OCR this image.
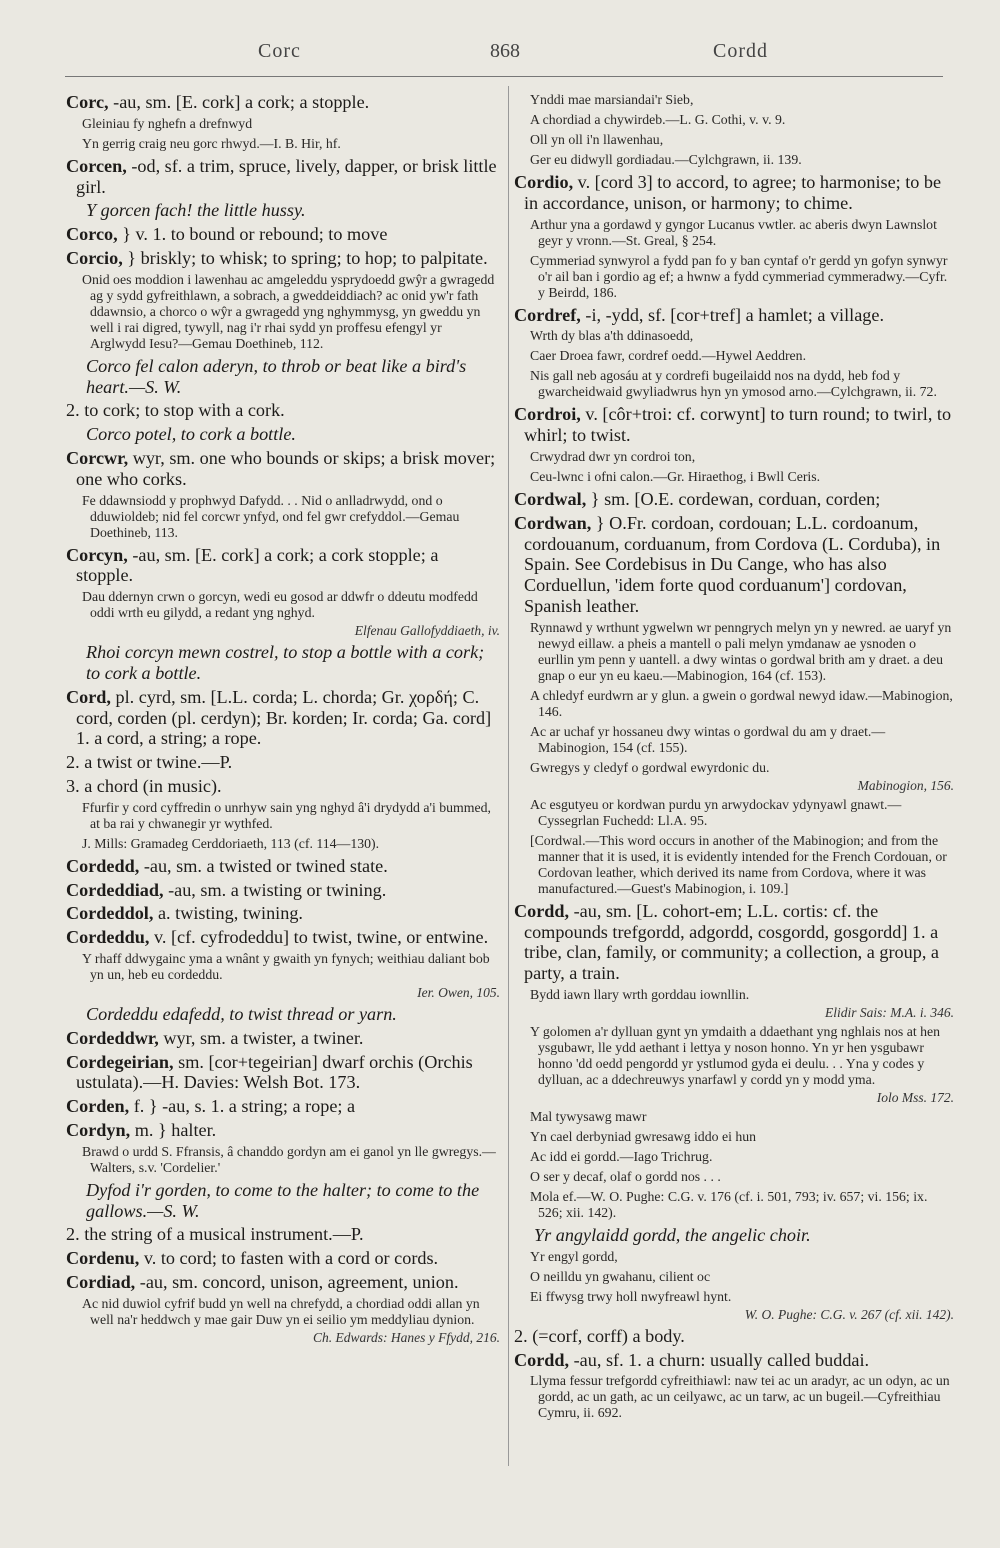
Corc	868	Cordd
Corc, -au, sm. [E. cork] a cork; a stopple.
Gleiniau fy nghefn a drefnwyd
Yn gerrig craig neu gorc rhwyd.—I. B. Hir, hf.
Corcen, -od, sf. a trim, spruce, lively, dapper, or brisk little girl.
Y gorcen fach! the little hussy.
Corco, } v. 1. to bound or rebound; to move
Corcio, } briskly; to whisk; to spring; to hop; to palpitate.
Onid oes moddion i lawenhau ac amgeleddu ysprydoedd gwŷr a gwragedd ag y sydd gyfreithlawn, a sobrach, a gweddeiddiach? ac onid yw'r fath ddawnsio, a chorco o wŷr a gwragedd yng nghymmysg, yn gweddu yn well i rai digred, tywyll, nag i'r rhai sydd yn proffesu efengyl yr Arglwydd Iesu?—Gemau Doethineb, 112.
Corco fel calon aderyn, to throb or beat like a bird's heart.—S. W.
2. to cork; to stop with a cork.
Corco potel, to cork a bottle.
Corcwr, wyr, sm. one who bounds or skips; a brisk mover; one who corks.
Fe ddawnsiodd y prophwyd Dafydd. . . Nid o anlladrwydd, ond o dduwioldeb; nid fel corcwr ynfyd, ond fel gwr crefyddol.—Gemau Doethineb, 113.
Corcyn, -au, sm. [E. cork] a cork; a cork stopple; a stopple.
Dau ddernyn crwn o gorcyn, wedi eu gosod ar ddwfr o ddeutu modfedd oddi wrth eu gilydd, a redant yng nghyd.
Elfenau Gallofyddiaeth, iv.
Rhoi corcyn mewn costrel, to stop a bottle with a cork; to cork a bottle.
Cord, pl. cyrd, sm. [L.L. corda; L. chorda; Gr. χορδή; C. cord, corden (pl. cerdyn); Br. korden; Ir. corda; Ga. cord] 1. a cord, a string; a rope.
2. a twist or twine.—P.
3. a chord (in music).
Ffurfir y cord cyffredin o unrhyw sain yng nghyd â'i drydydd a'i bummed, at ba rai y chwanegir yr wythfed.
J. Mills: Gramadeg Cerddoriaeth, 113 (cf. 114—130).
Cordedd, -au, sm. a twisted or twined state.
Cordeddiad, -au, sm. a twisting or twining.
Cordeddol, a. twisting, twining.
Cordeddu, v. [cf. cyfrodeddu] to twist, twine, or entwine.
Y rhaff ddwygainc yma a wnânt y gwaith yn fynych; weithiau daliant bob yn un, heb eu cordeddu.
Ier. Owen, 105.
Cordeddu edafedd, to twist thread or yarn.
Cordeddwr, wyr, sm. a twister, a twiner.
Cordegeirian, sm. [cor+tegeirian] dwarf orchis (Orchis ustulata).—H. Davies: Welsh Bot. 173.
Corden, f. } -au, s. 1. a string; a rope; a
Cordyn, m. } halter.
Brawd o urdd S. Ffransis, â chanddo gordyn am ei ganol yn lle gwregys.—Walters, s.v. 'Cordelier.'
Dyfod i'r gorden, to come to the halter; to come to the gallows.—S. W.
2. the string of a musical instrument.—P.
Cordenu, v. to cord; to fasten with a cord or cords.
Cordiad, -au, sm. concord, unison, agreement, union.
Ac nid duwiol cyfrif budd yn well na chrefydd, a chordiad oddi allan yn well na'r heddwch y mae gair Duw yn ei seilio ym meddyliau dynion.
Ch. Edwards: Hanes y Ffydd, 216.
Ynddi mae marsiandai'r Sieb,
A chordiad a chywirdeb.—L. G. Cothi, v. v. 9.
Oll yn oll i'n llawenhau,
Ger eu didwyll gordiadau.—Cylchgrawn, ii. 139.
Cordio, v. [cord 3] to accord, to agree; to harmonise; to be in accordance, unison, or harmony; to chime.
Arthur yna a gordawd y gyngor Lucanus vwtler. ac aberis dwyn Lawnslot geyr y vronn.—St. Greal, § 254.
Cymmeriad synwyrol a fydd pan fo y ban cyntaf o'r gerdd yn gofyn synwyr o'r ail ban i gordio ag ef; a hwnw a fydd cymmeriad cymmeradwy.—Cyfr. y Beirdd, 186.
Cordref, -i, -ydd, sf. [cor+tref] a hamlet; a village.
Wrth dy blas a'th ddinasoedd,
Caer Droea fawr, cordref oedd.—Hywel Aeddren.
Nis gall neb agosáu at y cordrefi bugeilaidd nos na dydd, heb fod y gwarcheidwaid gwyliadwrus hyn yn ymosod arno.—Cylchgrawn, ii. 72.
Cordroi, v. [côr+troi: cf. corwynt] to turn round; to twirl, to whirl; to twist.
Crwydrad dwr yn cordroi ton,
Ceu-lwnc i ofni calon.—Gr. Hiraethog, i Bwll Ceris.
Cordwal, } sm. [O.E. cordewan, corduan, corden;
Cordwan, } O.Fr. cordoan, cordouan; L.L. cordoanum, cordouanum, corduanum, from Cordova (L. Corduba), in Spain. See Cordebisus in Du Cange, who has also Corduellun, 'idem forte quod corduanum'] cordovan, Spanish leather.
Rynnawd y wrthunt ygwelwn wr penngrych melyn yn y newred. ae uaryf yn newyd eillaw. a pheis a mantell o pali melyn ymdanaw ae ysnoden o eurllin ym penn y uantell. a dwy wintas o gordwal brith am y draet. a deu gnap o eur yn eu kaeu.—Mabinogion, 164 (cf. 153).
A chledyf eurdwrn ar y glun. a gwein o gordwal newyd idaw.—Mabinogion, 146.
Ac ar uchaf yr hossaneu dwy wintas o gordwal du am y draet.—Mabinogion, 154 (cf. 155).
Gwregys y cledyf o gordwal ewyrdonic du.
Mabinogion, 156.
Ac esgutyeu or kordwan purdu yn arwydockav ydynyawl gnawt.—Cyssegrlan Fuchedd: Ll.A. 95.
[Cordwal.—This word occurs in another of the Mabinogion; and from the manner that it is used, it is evidently intended for the French Cordouan, or Cordovan leather, which derived its name from Cordova, where it was manufactured.—Guest's Mabinogion, i. 109.]
Cordd, -au, sm. [L. cohort-em; L.L. cortis: cf. the compounds trefgordd, adgordd, cosgordd, gosgordd] 1. a tribe, clan, family, or community; a collection, a group, a party, a train.
Bydd iawn llary wrth gorddau iownllin.
Elidir Sais: M.A. i. 346.
Y golomen a'r dylluan gynt yn ymdaith a ddaethant yng nghlais nos at hen ysgubawr, lle ydd aethant i lettya y noson honno. Yn yr hen ysgubawr honno 'dd oedd pengordd yr ystlumod gyda ei deulu. . . Yna y codes y dylluan, ac a ddechreuwys ynarfawl y cordd yn y modd yma.
Iolo Mss. 172.
Mal tywysawg mawr
Yn cael derbyniad gwresawg iddo ei hun
Ac idd ei gordd.—Iago Trichrug.
O ser y decaf, olaf o gordd nos . . .
Mola ef.—W. O. Pughe: C.G. v. 176 (cf. i. 501, 793; iv. 657; vi. 156; ix. 526; xii. 142).
Yr angylaidd gordd, the angelic choir.
Yr engyl gordd,
O neilldu yn gwahanu, cilient oc
Ei ffwysg trwy holl nwyfreawl hynt.
W. O. Pughe: C.G. v. 267 (cf. xii. 142).
2. (=corf, corff) a body.
Cordd, -au, sf. 1. a churn: usually called buddai.
Llyma fessur trefgordd cyfreithiawl: naw tei ac un aradyr, ac un odyn, ac un gordd, ac un gath, ac un ceilyawc, ac un tarw, ac un bugeil.—Cyfreithiau Cymru, ii. 692.
